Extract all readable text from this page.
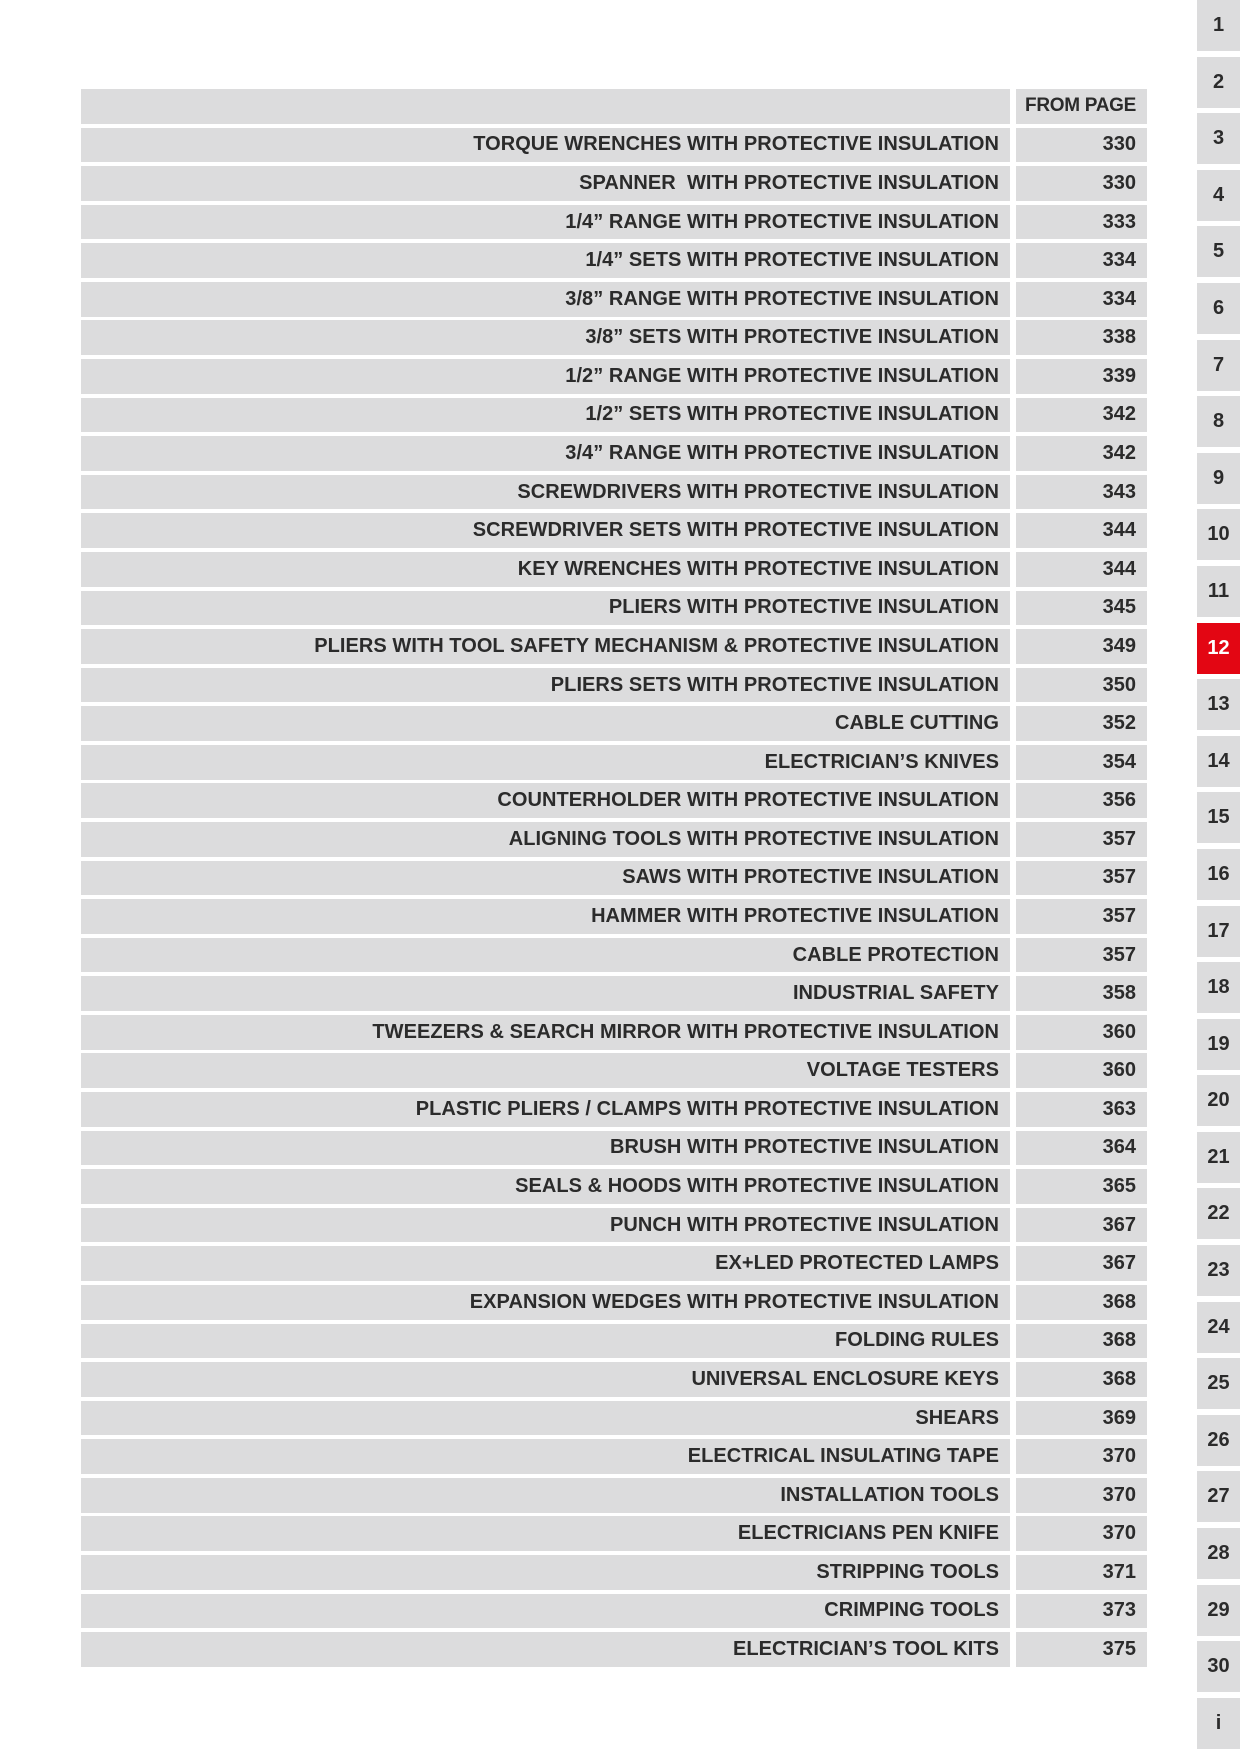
FROM PAGE
TORQUE WRENCHES WITH PROTECTIVE INSULATION	330
SPANNER  WITH PROTECTIVE INSULATION	330
1/4” RANGE WITH PROTECTIVE INSULATION	333
1/4” SETS WITH PROTECTIVE INSULATION	334
3/8” RANGE WITH PROTECTIVE INSULATION	334
3/8” SETS WITH PROTECTIVE INSULATION	338
1/2” RANGE WITH PROTECTIVE INSULATION	339
1/2” SETS WITH PROTECTIVE INSULATION	342
3/4” RANGE WITH PROTECTIVE INSULATION	342
SCREWDRIVERS WITH PROTECTIVE INSULATION	343
SCREWDRIVER SETS WITH PROTECTIVE INSULATION	344
KEY WRENCHES WITH PROTECTIVE INSULATION	344
PLIERS WITH PROTECTIVE INSULATION	345
PLIERS WITH TOOL SAFETY MECHANISM & PROTECTIVE INSULATION	349
PLIERS SETS WITH PROTECTIVE INSULATION	350
CABLE CUTTING	352
ELECTRICIAN’S KNIVES	354
COUNTERHOLDER WITH PROTECTIVE INSULATION	356
ALIGNING TOOLS WITH PROTECTIVE INSULATION	357
SAWS WITH PROTECTIVE INSULATION	357
HAMMER WITH PROTECTIVE INSULATION	357
CABLE PROTECTION	357
INDUSTRIAL SAFETY	358
TWEEZERS & SEARCH MIRROR WITH PROTECTIVE INSULATION	360
VOLTAGE TESTERS	360
PLASTIC PLIERS / CLAMPS WITH PROTECTIVE INSULATION	363
BRUSH WITH PROTECTIVE INSULATION	364
SEALS & HOODS WITH PROTECTIVE INSULATION	365
PUNCH WITH PROTECTIVE INSULATION	367
EX+LED PROTECTED LAMPS	367
EXPANSION WEDGES WITH PROTECTIVE INSULATION	368
FOLDING RULES	368
UNIVERSAL ENCLOSURE KEYS	368
SHEARS	369
ELECTRICAL INSULATING TAPE	370
INSTALLATION TOOLS	370
ELECTRICIANS PEN KNIFE	370
STRIPPING TOOLS	371
CRIMPING TOOLS	373
ELECTRICIAN’S TOOL KITS	375
1
2
3
4
5
6
7
8
9
10
11
12
13
14
15
16
17
18
19
20
21
22
23
24
25
26
27
28
29
30
i
